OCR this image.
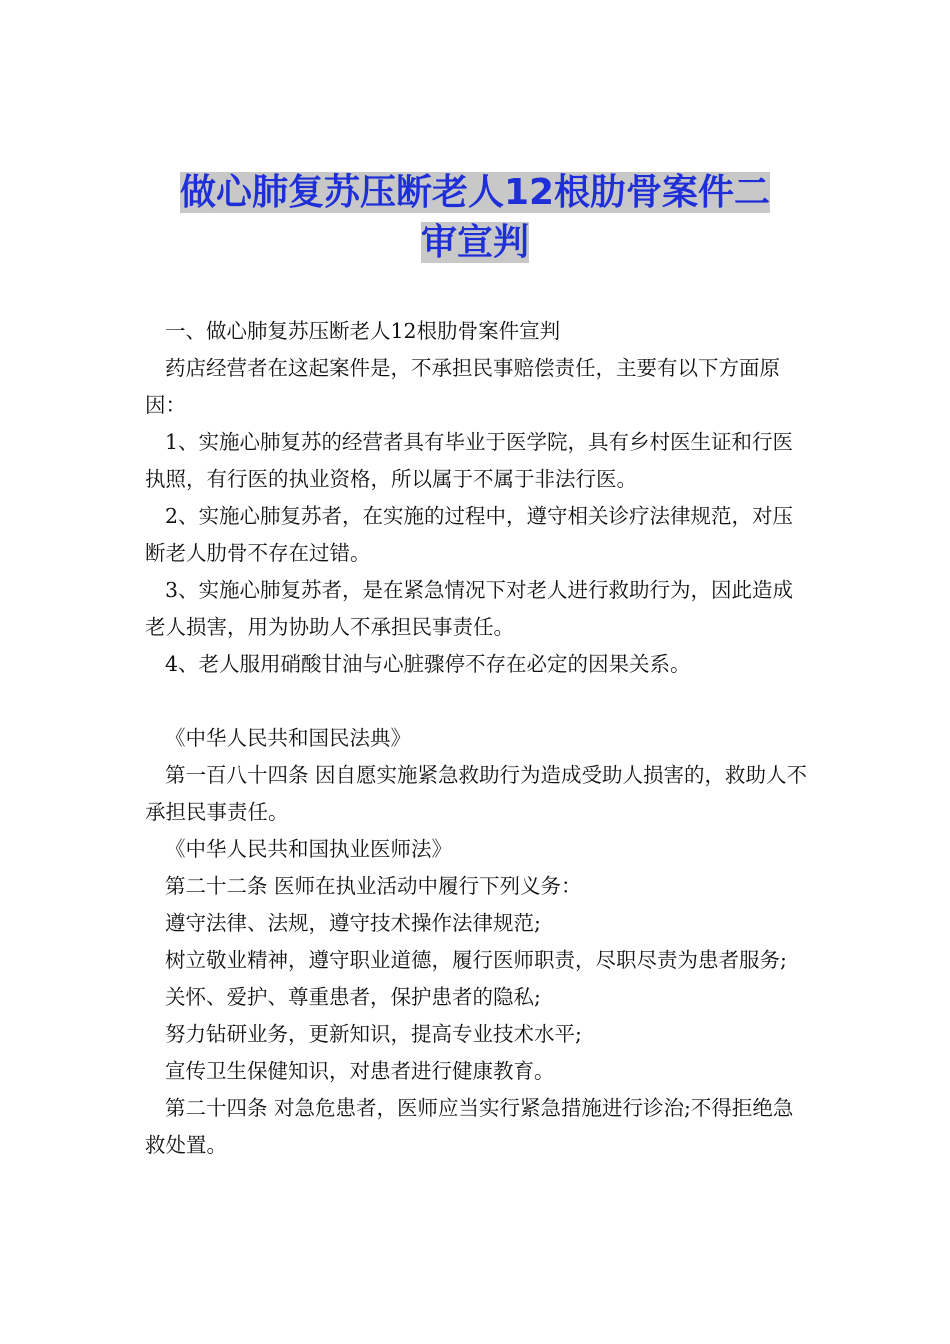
做心肺复苏压断老人12根肋骨案件二
审宣判

一、做心肺复苏压断老人12根肋骨案件宣判

药店经营者在这起案件是，不承担民事赔偿责任，主要有以下方面原因：

1、实施心肺复苏的经营者具有毕业于医学院，具有乡村医生证和行医执照，有行医的执业资格，所以属于不属于非法行医。

2、实施心肺复苏者，在实施的过程中，遵守相关诊疗法律规范，对压断老人肋骨不存在过错。

3、实施心肺复苏者，是在紧急情况下对老人进行救助行为，因此造成老人损害，用为协助人不承担民事责任。

4、老人服用硝酸甘油与心脏骤停不存在必定的因果关系。

《中华人民共和国民法典》

第一百八十四条 因自愿实施紧急救助行为造成受助人损害的，救助人不承担民事责任。

《中华人民共和国执业医师法》

第二十二条 医师在执业活动中履行下列义务：

遵守法律、法规，遵守技术操作法律规范;

树立敬业精神，遵守职业道德，履行医师职责，尽职尽责为患者服务;

关怀、爱护、尊重患者，保护患者的隐私;

努力钻研业务，更新知识，提高专业技术水平;

宣传卫生保健知识，对患者进行健康教育。

第二十四条 对急危患者，医师应当实行紧急措施进行诊治;不得拒绝急救处置。
